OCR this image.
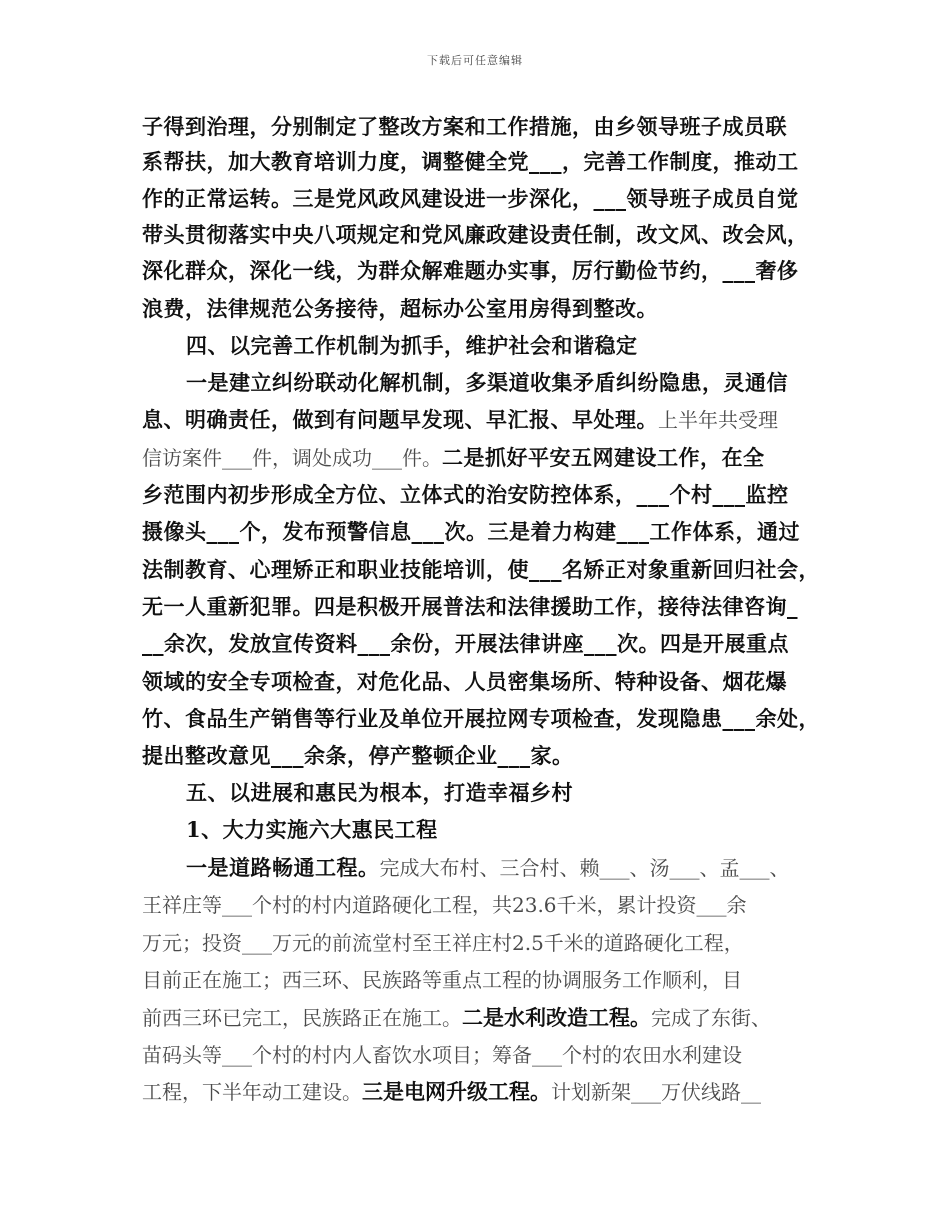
下载后可任意编辑
子得到治理，分别制定了整改方案和工作措施，由乡领导班子成员联
系帮扶，加大教育培训力度，调整健全党___，完善工作制度，推动工
作的正常运转。三是党风政风建设进一步深化，___领导班子成员自觉
带头贯彻落实中央八项规定和党风廉政建设责任制，改文风、改会风，
深化群众，深化一线，为群众解难题办实事，厉行勤俭节约，___奢侈
浪费，法律规范公务接待，超标办公室用房得到整改。
四、以完善工作机制为抓手，维护社会和谐稳定
一是建立纠纷联动化解机制，多渠道收集矛盾纠纷隐患，灵通信
息、明确责任，做到有问题早发现、早汇报、早处理。上半年共受理
信访案件___件，调处成功___件。二是抓好平安五网建设工作，在全
乡范围内初步形成全方位、立体式的治安防控体系，___个村___监控
摄像头___个，发布预警信息___次。三是着力构建___工作体系，通过
法制教育、心理矫正和职业技能培训，使___名矫正对象重新回归社会，
无一人重新犯罪。四是积极开展普法和法律援助工作，接待法律咨询_
__余次，发放宣传资料___余份，开展法律讲座___次。四是开展重点
领域的安全专项检查，对危化品、人员密集场所、特种设备、烟花爆
竹、食品生产销售等行业及单位开展拉网专项检查，发现隐患___余处，
提出整改意见___余条，停产整顿企业___家。
五、以进展和惠民为根本，打造幸福乡村
1、大力实施六大惠民工程
一是道路畅通工程。完成大布村、三合村、赖___、汤___、孟___、
王祥庄等___个村的村内道路硬化工程，共23.6千米，累计投资___余
万元；投资___万元的前流堂村至王祥庄村2.5千米的道路硬化工程，
目前正在施工；西三环、民族路等重点工程的协调服务工作顺利，目
前西三环已完工，民族路正在施工。二是水利改造工程。完成了东街、
苗码头等___个村的村内人畜饮水项目；筹备___个村的农田水利建设
工程，下半年动工建设。三是电网升级工程。计划新架___万伏线路__
